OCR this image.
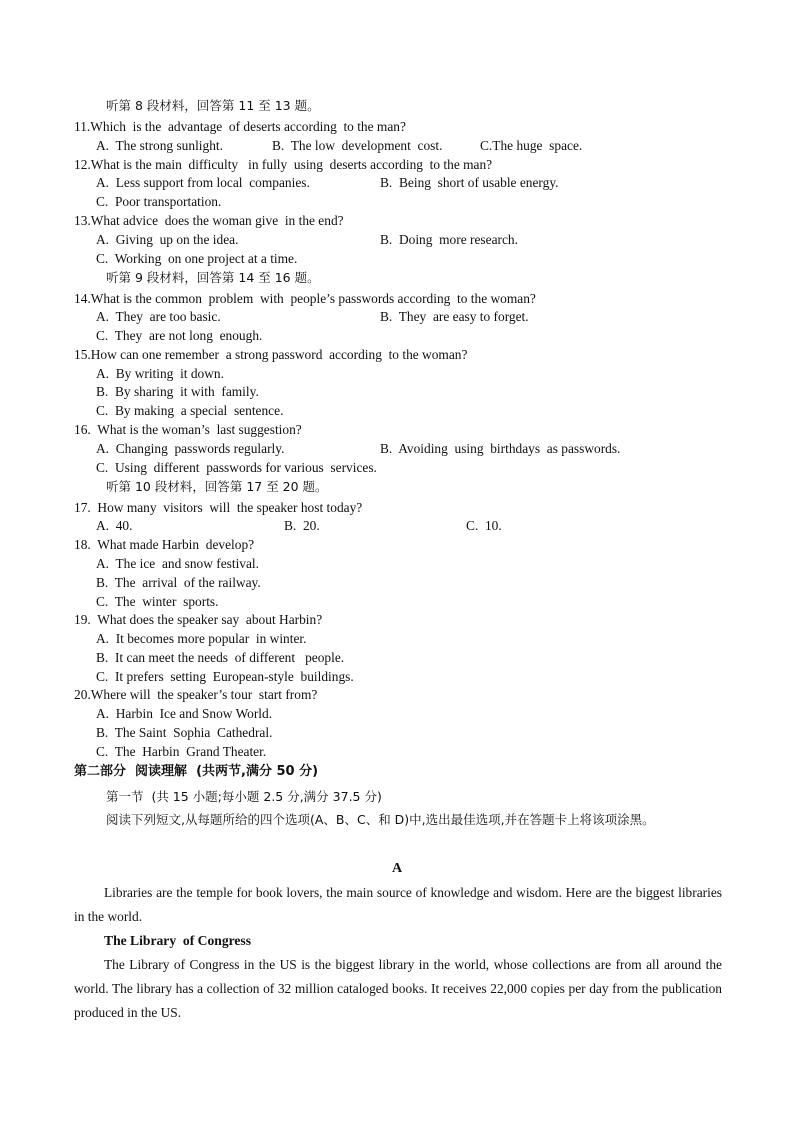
听第 8 段材料，回答第 11 至 13 题。
11.Which  is the  advantage  of deserts according  to the man?
A.  The strong sunlight.	B.  The low  development  cost.	C.The huge  space.
12.What is the main  difficulty   in fully  using  deserts according  to the man?
A.  Less support from local  companies.	B.  Being  short of usable energy.
C.  Poor transportation.
13.What advice  does the woman give  in the end?
A.  Giving  up on the idea.	B.  Doing  more research.
C.  Working  on one project at a time.
听第 9 段材料，回答第 14 至 16 题。
14.What is the common  problem  with  people’s passwords according  to the woman?
A.  They  are too basic.	B.  They  are easy to forget.
C.  They  are not long  enough.
15.How can one remember  a strong password  according  to the woman?
A.  By writing  it down.
B.  By sharing  it with  family.
C.  By making  a special  sentence.
16.  What is the woman’s  last suggestion?
A.  Changing  passwords regularly.	B.  Avoiding  using  birthdays  as passwords.
C.  Using  different  passwords for various  services.
听第 10 段材料，回答第 17 至 20 题。
17.  How many  visitors  will  the speaker host today?
A.  40.	B.  20.	C.  10.
18.  What made Harbin  develop?
A.  The ice  and snow festival.
B.  The  arrival  of the railway.
C.  The  winter  sports.
19.  What does the speaker say  about Harbin?
A.  It becomes more popular  in winter.
B.  It can meet the needs  of different   people.
C.  It prefers  setting  European-style  buildings.
20.Where will  the speaker’s tour  start from?
A.  Harbin  Ice and Snow World.
B.  The Saint  Sophia  Cathedral.
C.  The  Harbin  Grand Theater.
第二部分  阅读理解  (共两节,满分 50 分)
第一节  (共 15 小题;每小题 2.5 分,满分 37.5 分)
阅读下列短文,从每题所给的四个选项(A、B、C、和 D)中,选出最佳选项,并在答题卡上将该项涂黑。
A
Libraries are the temple for book lovers, the main source of knowledge and wisdom. Here are the biggest libraries in the world.
The Library  of Congress
The Library of Congress in the US is the biggest library in the world, whose collections are from all around the world. The library has a collection of 32 million cataloged books. It receives 22,000 copies per day from the publication produced in the US.
